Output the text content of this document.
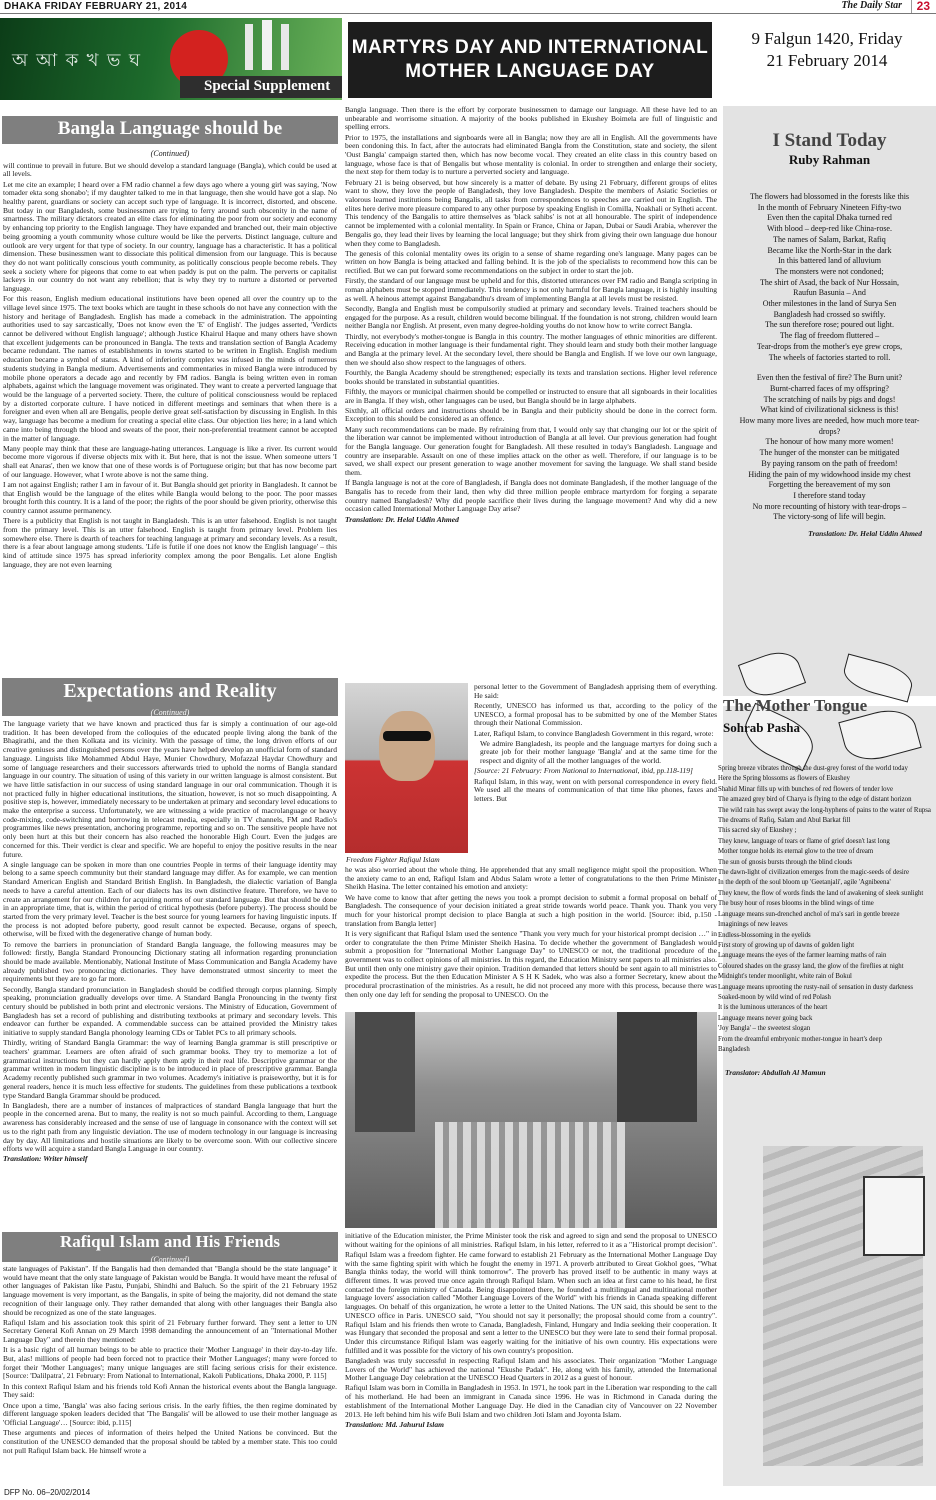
DHAKA FRIDAY FEBRUARY 21, 2014	The Daily Star	23
অ আ ক খ ভ ঘ
Special Supplement
MARTYRS DAY AND INTERNATIONAL
MOTHER LANGUAGE DAY
9 Falgun 1420, Friday
21 February 2014
Bangla Language should be
(Continued)

will continue to prevail in future. But we should develop a standard language (Bangla), which could be used at all levels.

Let me cite an example; I heard over a FM radio channel a few days ago where a young girl was saying, 'Now tomader ekta song shonabo'; if my daughter talked to me in that language, then she would have got a slap. No healthy parent, guardians or society can accept such type of language. It is incorrect, distorted, and obscene. But today in our Bangladesh, some businessmen are trying to ferry around such obscenity in the name of smartness. The military dictators created an elite class for eliminating the poor from our society and economy by enhancing top priority to the English language. They have expanded and branched out, their main objective being grooming a youth community whose culture would be like the perverts. Distinct language, culture and outlook are very urgent for that type of society. In our country, language has a characteristic. It has a political dimension. These businessmen want to dissociate this political dimension from our language. This is because they do not want politically conscious youth community, as politically conscious people become rebels. They seek a society where for pigeons that come to eat when paddy is put on the palm. The perverts or capitalist lackeys in our country do not want any rebellion; that is why they try to nurture a distorted or perverted language.

For this reason, English medium educational institutions have been opened all over the country up to the village level since 1975. The text books which are taught in these schools do not have any connection with the history and heritage of Bangladesh. English has made a comeback in the administration. The appointing authorities used to say sarcastically, 'Does not know even the 'E' of English'. The judges asserted, 'Verdicts cannot be delivered without English language'; although Justice Khairul Haque and many others have shown that excellent judgements can be pronounced in Bangla. The texts and translation section of Bangla Academy became redundant. The names of establishments in towns started to be written in English. English medium education became a symbol of status. A kind of inferiority complex was infused in the minds of numerous students studying in Bangla medium. Advertisements and commentaries in mixed Bangla were introduced by mobile phone operators a decade ago and recently by FM radios. Bangla is being written even in roman alphabets, against which the language movement was originated. They want to create a perverted language that would be the language of a perverted society. There, the culture of political consciousness would be replaced by a distorted corporate culture. I have noticed in different meetings and seminars that when there is a foreigner and even when all are Bengalis, people derive great self-satisfaction by discussing in English. In this way, language has become a medium for creating a special elite class. Our objection lies here; in a land which came into being through the blood and sweats of the poor, their non-preferential treatment cannot be accepted in the matter of language.

Many people may think that these are language-hating utterances. Language is like a river. Its current would become more vigorous if diverse objects mix with it. But here, that is not the issue. When someone utters 'I shall eat Anaras', then we know that one of these words is of Portuguese origin; but that has now become part of our language. However, what I wrote above is not the same thing.

I am not against English; rather I am in favour of it. But Bangla should get priority in Bangladesh. It cannot be that English would be the language of the elites while Bangla would belong to the poor. The poor masses brought forth this country. It is a land of the poor; the rights of the poor should be given priority, otherwise this country cannot assume permanency.

There is a publicity that English is not taught in Bangladesh. This is an utter falsehood. English is not taught from the primary level. This is an utter falsehood. English is taught from primary level. Problem lies somewhere else. There is dearth of teachers for teaching language at primary and secondary levels. As a result, there is a fear about language among students. 'Life is futile if one does not know the English language' – this kind of attitude since 1975 has spread inferiority complex among the poor Bengalis. Let alone English language, they are not even learning

Bangla language. Then there is the effort by corporate businessmen to damage our language. All these have led to an unbearable and worrisome situation. A majority of the books published in Ekushey Boimela are full of linguistic and spelling errors.

Prior to 1975, the installations and signboards were all in Bangla; now they are all in English. All the governments have been condoning this. In fact, after the autocrats had eliminated Bangla from the Constitution, state and society, the silent 'Oust Bangla' campaign started then, which has now become vocal. They created an elite class in this country based on language, whose face is that of Bengalis but whose mentality is colonial. In order to strengthen and enlarge their society, the next step for them today is to nurture a perverted society and language.

February 21 is being observed, but how sincerely is a matter of debate. By using 21 February, different groups of elites want to show, they love the people of Bangladesh, they love Bangladesh. Despite the members of Asiatic Societies or valorous learned institutions being Bangalis, all tasks from correspondences to speeches are carried out in English. The elites here derive more pleasure compared to any other purpose by speaking English in Comilla, Noakhali or Sylheti accent. This tendency of the Bangalis to attire themselves as 'black sahibs' is not at all honourable. The spirit of independence cannot be implemented with a colonial mentality. In Spain or France, China or Japan, Dubai or Saudi Arabia, wherever the Bengalis go, they lead their lives by learning the local language; but they shirk from giving their own language due honour when they come to Bangladesh.

The genesis of this colonial mentality owes its origin to a sense of shame regarding one's language. Many pages can be written on how Bangla is being attacked and falling behind. It is the job of the specialists to recommend how this can be rectified. But we can put forward some recommendations on the subject in order to start the job.

Firstly, the standard of our language must be upheld and for this, distorted utterances over FM radio and Bangla scripting in roman alphabets must be stopped immediately. This tendency is not only harmful for Bangla language, it is highly insulting as well. A heinous attempt against Bangabandhu's dream of implementing Bangla at all levels must be resisted.

Secondly, Bangla and English must be compulsorily studied at primary and secondary levels. Trained teachers should be engaged for the purpose. As a result, children would become bilingual. If the foundation is not strong, children would learn neither Bangla nor English. At present, even many degree-holding youths do not know how to write correct Bangla.

Thirdly, not everybody's mother-tongue is Bangla in this country. The mother languages of ethnic minorities are different. Receiving education in mother language is their fundamental right. They should learn and study both their mother language and Bangla at the primary level. At the secondary level, there should be Bangla and English. If we love our own language, then we should also show respect to the languages of others.

Fourthly, the Bangla Academy should be strengthened; especially its texts and translation sections. Higher level reference books should be translated in substantial quantities.

Fifthly, the mayors or municipal chairmen should be compelled or instructed to ensure that all signboards in their localities are in Bangla. If they wish, other languages can be used, but Bangla should be in large alphabets.

Sixthly, all official orders and instructions should be in Bangla and their publicity should be done in the correct form. Exception to this should be considered as an offence.

Many such recommendations can be made. By refraining from that, I would only say that changing our lot or the spirit of the liberation war cannot be implemented without introduction of Bangla at all level. Our previous generation had fought for the Bangla language. Our generation fought for Bangladesh. All these resulted in today's Bangladesh. Language and country are inseparable. Assault on one of these implies attack on the other as well. Therefore, if our language is to be saved, we shall expect our present generation to wage another movement for saving the language. We shall stand beside them.

If Bangla language is not at the core of Bangladesh, if Bangla does not dominate Bangladesh, if the mother language of the Bangalis has to recede from their land, then why did three million people embrace martyrdom for forging a separate country named Bangladesh? Why did people sacrifice their lives during the language movement? And why did a new occasion called International Mother Language Day arise?

Translation: Dr. Helal Uddin Ahmed

I Stand Today
Ruby Rahman
The flowers had blossomed in the forests like this
In the month of February Nineteen Fifty-two
Even then the capital Dhaka turned red
With blood – deep-red like China-rose.
The names of Salam, Barkat, Rafiq
Became like the North-Star in the dark
In this battered land of alluvium
The monsters were not condoned;
The shirt of Asad, the back of Nur Hossain,
Raufun Basunia – And
Other milestones in the land of Surya Sen
Bangladesh had crossed so swiftly.
The sun therefore rose; poured out light.
The flag of freedom fluttered –
Tear-drops from the mother's eye grew crops,
The wheels of factories started to roll.
Even then the festival of fire? The Burn unit?
Burnt-charred faces of my offspring?
The scratching of nails by pigs and dogs!
What kind of civilizational sickness is this!
How many more lives are needed, how much more tear-drops?
The honour of how many more women!
The hunger of the monster can be mitigated
By paying ransom on the path of freedom!
Hiding the pain of my widowhood inside my chest
Forgetting the bereavement of my son
I therefore stand today
No more recounting of history with tear-drops –
The victory-song of life will begin.
Translation: Dr. Helal Uddin Ahmed
Expectations and Reality
(Continued)

The language variety that we have known and practiced thus far is simply a continuation of our age-old tradition. It has been developed from the colloquies of the educated people living along the bank of the Bhagirathi, and the then Kolkata and its vicinity. With the passage of time, the long driven efforts of our creative geniuses and distinguished persons over the years have helped develop an unofficial form of standard language. Linguists like Mohammed Abdul Haye, Munier Chowdhury, Mofazzal Haydar Chowdhury and some of language researchers and their successors afterwards tried to uphold the norms of Bangla standard language in our country. The situation of using of this variety in our written language is almost consistent. But we have little satisfaction in our success of using standard language in our oral communication. Though it is not practiced fully in higher educational institutions, the situation, however, is not so much disappointing. A positive step is, however, immediately necessary to be undertaken at primary and secondary level educations to make the enterprise a success. Unfortunately, we are witnessing a wide practice of macrolanguage or heavy code-mixing, code-switching and borrowing in telecast media, especially in TV channels, FM and Radio's programmes like news presentation, anchoring programme, reporting and so on. The sensitive people have not only been hurt at this but their concern has also reached the honorable High Court. Even the judges are concerned for this. Their verdict is clear and specific. We are hopeful to enjoy the positive results in the near future.

A single language can be spoken in more than one countries People in terms of their language identity may belong to a same speech community but their standard language may differ. As for example, we can mention Standard American English and Standard British English. In Bangladesh, the dialectic variation of Bangla needs to have a careful attention. Each of our dialects has its own distinctive feature. Therefore, we have to create an arrangement for our children for acquiring norms of our standard language. But that should be done in an appropriate time, that is, within the period of critical hypothesis (before puberty). The process should be started from the very primary level. Teacher is the best source for young learners for having linguistic inputs. If the process is not adopted before puberty, good result cannot be expected. Because, organs of speech, otherwise, will be fixed with the degenerative change of human body.

To remove the barriers in pronunciation of Standard Bangla language, the following measures may be followed: firstly, Bangla Standard Pronouncing Dictionary stating all information regarding pronunciation should be made available. Mentionably, National Institute of Mass Communication and Bangla Academy have already published two pronouncing dictionaries. They have demonstrated utmost sincerity to meet the requirements but they are to go far more.

Secondly, Bangla standard pronunciation in Bangladesh should be codified through corpus planning. Simply speaking, pronunciation gradually develops over time. A Standard Bangla Pronouncing in the twenty first century should be published in both print and electronic versions. The Ministry of Education, Government of Bangladesh has set a record of publishing and distributing textbooks at primary and secondary levels. This endeavor can further be expanded. A commendable success can be attained provided the Ministry takes initiative to supply standard Bangla phonology learning CDs or Tablet PCs to all primary schools.

Thirdly, writing of Standard Bangla Grammar: the way of learning Bangla grammar is still prescriptive or teachers' grammar. Learners are often afraid of such grammar books. They try to memorize a lot of grammatical instructions but they can hardly apply them aptly in their real life. Descriptive grammar or the grammar written in modern linguistic discipline is to be introduced in place of prescriptive grammar. Bangla Academy recently published such grammar in two volumes. Academy's initiative is praiseworthy, but it is for general readers, hence it is much less effective for students. The guidelines from these publications a textbook type Standard Bangla Grammar should be produced.

In Bangladesh, there are a number of instances of malpractices of standard Bangla language that hurt the people in the concerned arena. But to many, the reality is not so much painful. According to them, Language awareness has considerably increased and the sense of use of language in consonance with the context will set us to the right path from any linguistic deviation. The use of modern technology in our language is increasing day by day. All limitations and hostile situations are likely to be overcome soon. With our collective sincere efforts we will acquire a standard Bangla Language in our country.

Translation: Writer himself

Freedom Fighter Rafiqul Islam

personal letter to the Government of Bangladesh apprising them of everything. He said:

Recently, UNESCO has informed us that, according to the policy of the UNESCO, a formal proposal has to be submitted by one of the Member States through their National Commission.

Later, Rafiqul Islam, to convince Bangladesh Government in this regard, wrote:

We admire Bangladesh, its people and the language martyrs for doing such a greate job for their mother language 'Bangla' and at the same time for the respect and dignity of all the mother languages of the world.

[Source: 21 February: From National to International, ibid, pp.118-119]

Rafiqul Islam, in this way, went on with personal correspondence in every field. We used all the means of communication of that time like phones, faxes and letters. But

he was also worried about the whole thing. He apprehended that any small negligence might spoil the proposition. When the anxiety came to an end, Rafiqul Islam and Abdus Salam wrote a letter of congratulations to the then Prime Minister Sheikh Hasina. The letter contained his emotion and anxiety:

We have come to know that after getting the news you took a prompt decision to submit a formal proposal on behalf of Bangladesh. The consequence of your decision initiated a great stride towards world peace. Thank you. Thank you very much for your historical prompt decision to place Bangla at such a high position in the world. [Source: ibid, p.150 - translation from Bangla letter]

It is very significant that Rafiqul Islam used the sentence "Thank you very much for your historical prompt decision …" in order to congratulate the then Prime Minister Sheikh Hasina. To decide whether the government of Bangladesh would submit a proposition for "International Mother Language Day" to UNESCO or not, the traditional procedure of the government was to collect opinions of all ministries. In this regard, the Education Ministry sent papers to all ministries also. But until then only one ministry gave their opinion. Tradition demanded that letters should be sent again to all ministries to expedite the process. But the then Education Minister A S H K Sadek, who was also a former Secretary, knew about the procedural procrastination of the ministries. As a result, he did not proceed any more with this process, because there was then only one day left for sending the proposal to UNESCO. On the

The Mother Tongue
Sohrab Pasha
Spring breeze vibrates through the dust-grey forest of the world today
Here the Spring blossoms as flowers of Ekushey
Shahid Minar fills up with bunches of red flowers of tender love
The amazed grey bird of Charya is flying to the edge of distant horizon
The wild rain has swept away the long-hyphens of pains to the water of Rupsa
The dreams of Rafiq, Salam and Abul Barkat fill
This sacred sky of Ekushey ;
They knew, language of tears or flame of grief doesn't last long
Mother tongue holds its eternal glow to the tree of dream
The sun of gnosis bursts through the blind clouds
The dawn-light of civilization emerges from the magic-seeds of desire
In the depth of the soul bloom up 'Geetanjali', agile 'Agnibeena'
They knew, the flow of words finds the land of awakening of sleek sunlight
The busy hour of roses blooms in the blind wings of time
Language means sun-drenched anchol of ma's sari in gentle breeze
Imaginings of new leaves
Endless-blossoming in the eyelids
First story of growing up of dawns of golden light
Language means the eyes of the farmer learning maths of rain
Coloured shades on the grassy land, the glow of the fireflies at night
Midnight's tender moonlight, white rain of Bokul
Language means uprooting the rusty-nail of sensation in dusty darkness
Soaked-moon by wild wind of red Polash
It is the luminous utterances of the heart
Language means never going back
'Joy Bangla' – the sweetest slogan
From the dreamful embryonic mother-tongue in heart's deep
Bangladesh
Translator: Abdullah Al Mamun
Rafiqul Islam and His Friends
(Continued)

state languages of Pakistan". If the Bangalis had then demanded that "Bangla should be the state language" it would have meant that the only state language of Pakistan would be Bangla. It would have meant the refusal of other languages of Pakistan like Pastu, Punjabi, Shindhi and Baluch. So the spirit of the 21 February 1952 language movement is very important, as the Bangalis, in spite of being the majority, did not demand the state recognition of their language only. They rather demanded that along with other languages their Bangla also should be recognized as one of the state languages.

Rafiqul Islam and his association took this spirit of 21 February further forward. They sent a letter to UN Secretary General Kofi Annan on 29 March 1998 demanding the announcement of an "International Mother Language Day" and therein they mentioned:

It is a basic right of all human beings to be able to practice their 'Mother Language' in their day-to-day life. But, alas! millions of people had been forced not to practice their 'Mother Languages'; many were forced to forget their 'Mother Languages'; many unique languages are still facing serious crisis for their existence. [Source: 'Dalilpatra', 21 February: From National to International, Kakoli Publications, Dhaka 2000, P. 115]

In this context Rafiqul Islam and his friends told Kofi Annan the historical events about the Bangla language. They said:

Once upon a time, 'Bangla' was also facing serious crisis. In the early fifties, the then regime dominated by different language spoken leaders decided that 'The Bangalis' will be allowed to use their mother language as 'Official Language'… [Source: ibid, p.115]

These arguments and pieces of information of theirs helped the United Nations be convinced. But the constitution of the UNESCO demanded that the proposal should be tabled by a member state. This too could not pull Rafiqul Islam back. He himself wrote a

initiative of the Education minister, the Prime Minister took the risk and agreed to sign and send the proposal to UNESCO without waiting for the opinions of all ministries. Rafiqul Islam, in his letter, referred to it as a "Historical prompt decision".

Rafiqul Islam was a freedom fighter. He came forward to establish 21 February as the International Mother Language Day with the same fighting spirit with which he fought the enemy in 1971. A proverb attributed to Great Gokhol goes, "What Bangla thinks today, the world will think tomorrow". The proverb has proved itself to be authentic in many ways at different times. It was proved true once again through Rafiqul Islam. When such an idea at first came to his head, he first contacted the foreign ministry of Canada. Being disappointed there, he founded a multilingual and multinational mother language lovers' association called "Mother Language Lovers of the World" with his friends in Canada speaking different languages. On behalf of this organization, he wrote a letter to the United Nations. The UN said, this should be sent to the UNESCO office in Paris. UNESCO said, "You should not say it personally; the proposal should come from a country". Rafiqul Islam and his friends then wrote to Canada, Bangladesh, Finland, Hungary and India seeking their cooperation. It was Hungary that seconded the proposal and sent a letter to the UNESCO but they were late to send their formal proposal. Under this circumstance Rifiqul Islam was eagerly waiting for the initiative of his own country. His expectations were fulfilled and it was possible for the victory of his own country's proposition.

Bangladesh was truly successful in respecting Rafiqul Islam and his associates. Their organization "Mother Language Lovers of the World" has achieved the national "Ekushe Padak". He, along with his family, attended the International Mother Language Day celebration at the UNESCO Head Quarters in 2012 as a guest of honour.

Rafiqul Islam was born in Comilla in Bangladesh in 1953. In 1971, he took part in the Liberation war responding to the call of his motherland. He had been an immigrant in Canada since 1996. He was in Richmond in Canada during the establishment of the International Mother Language Day. He died in the Canadian city of Vancouver on 22 November 2013. He left behind him his wife Buli Islam and two children Joti Islam and Joyonta Islam.

Translation: Md. Jahurul Islam

DFP No. 06–20/02/2014
